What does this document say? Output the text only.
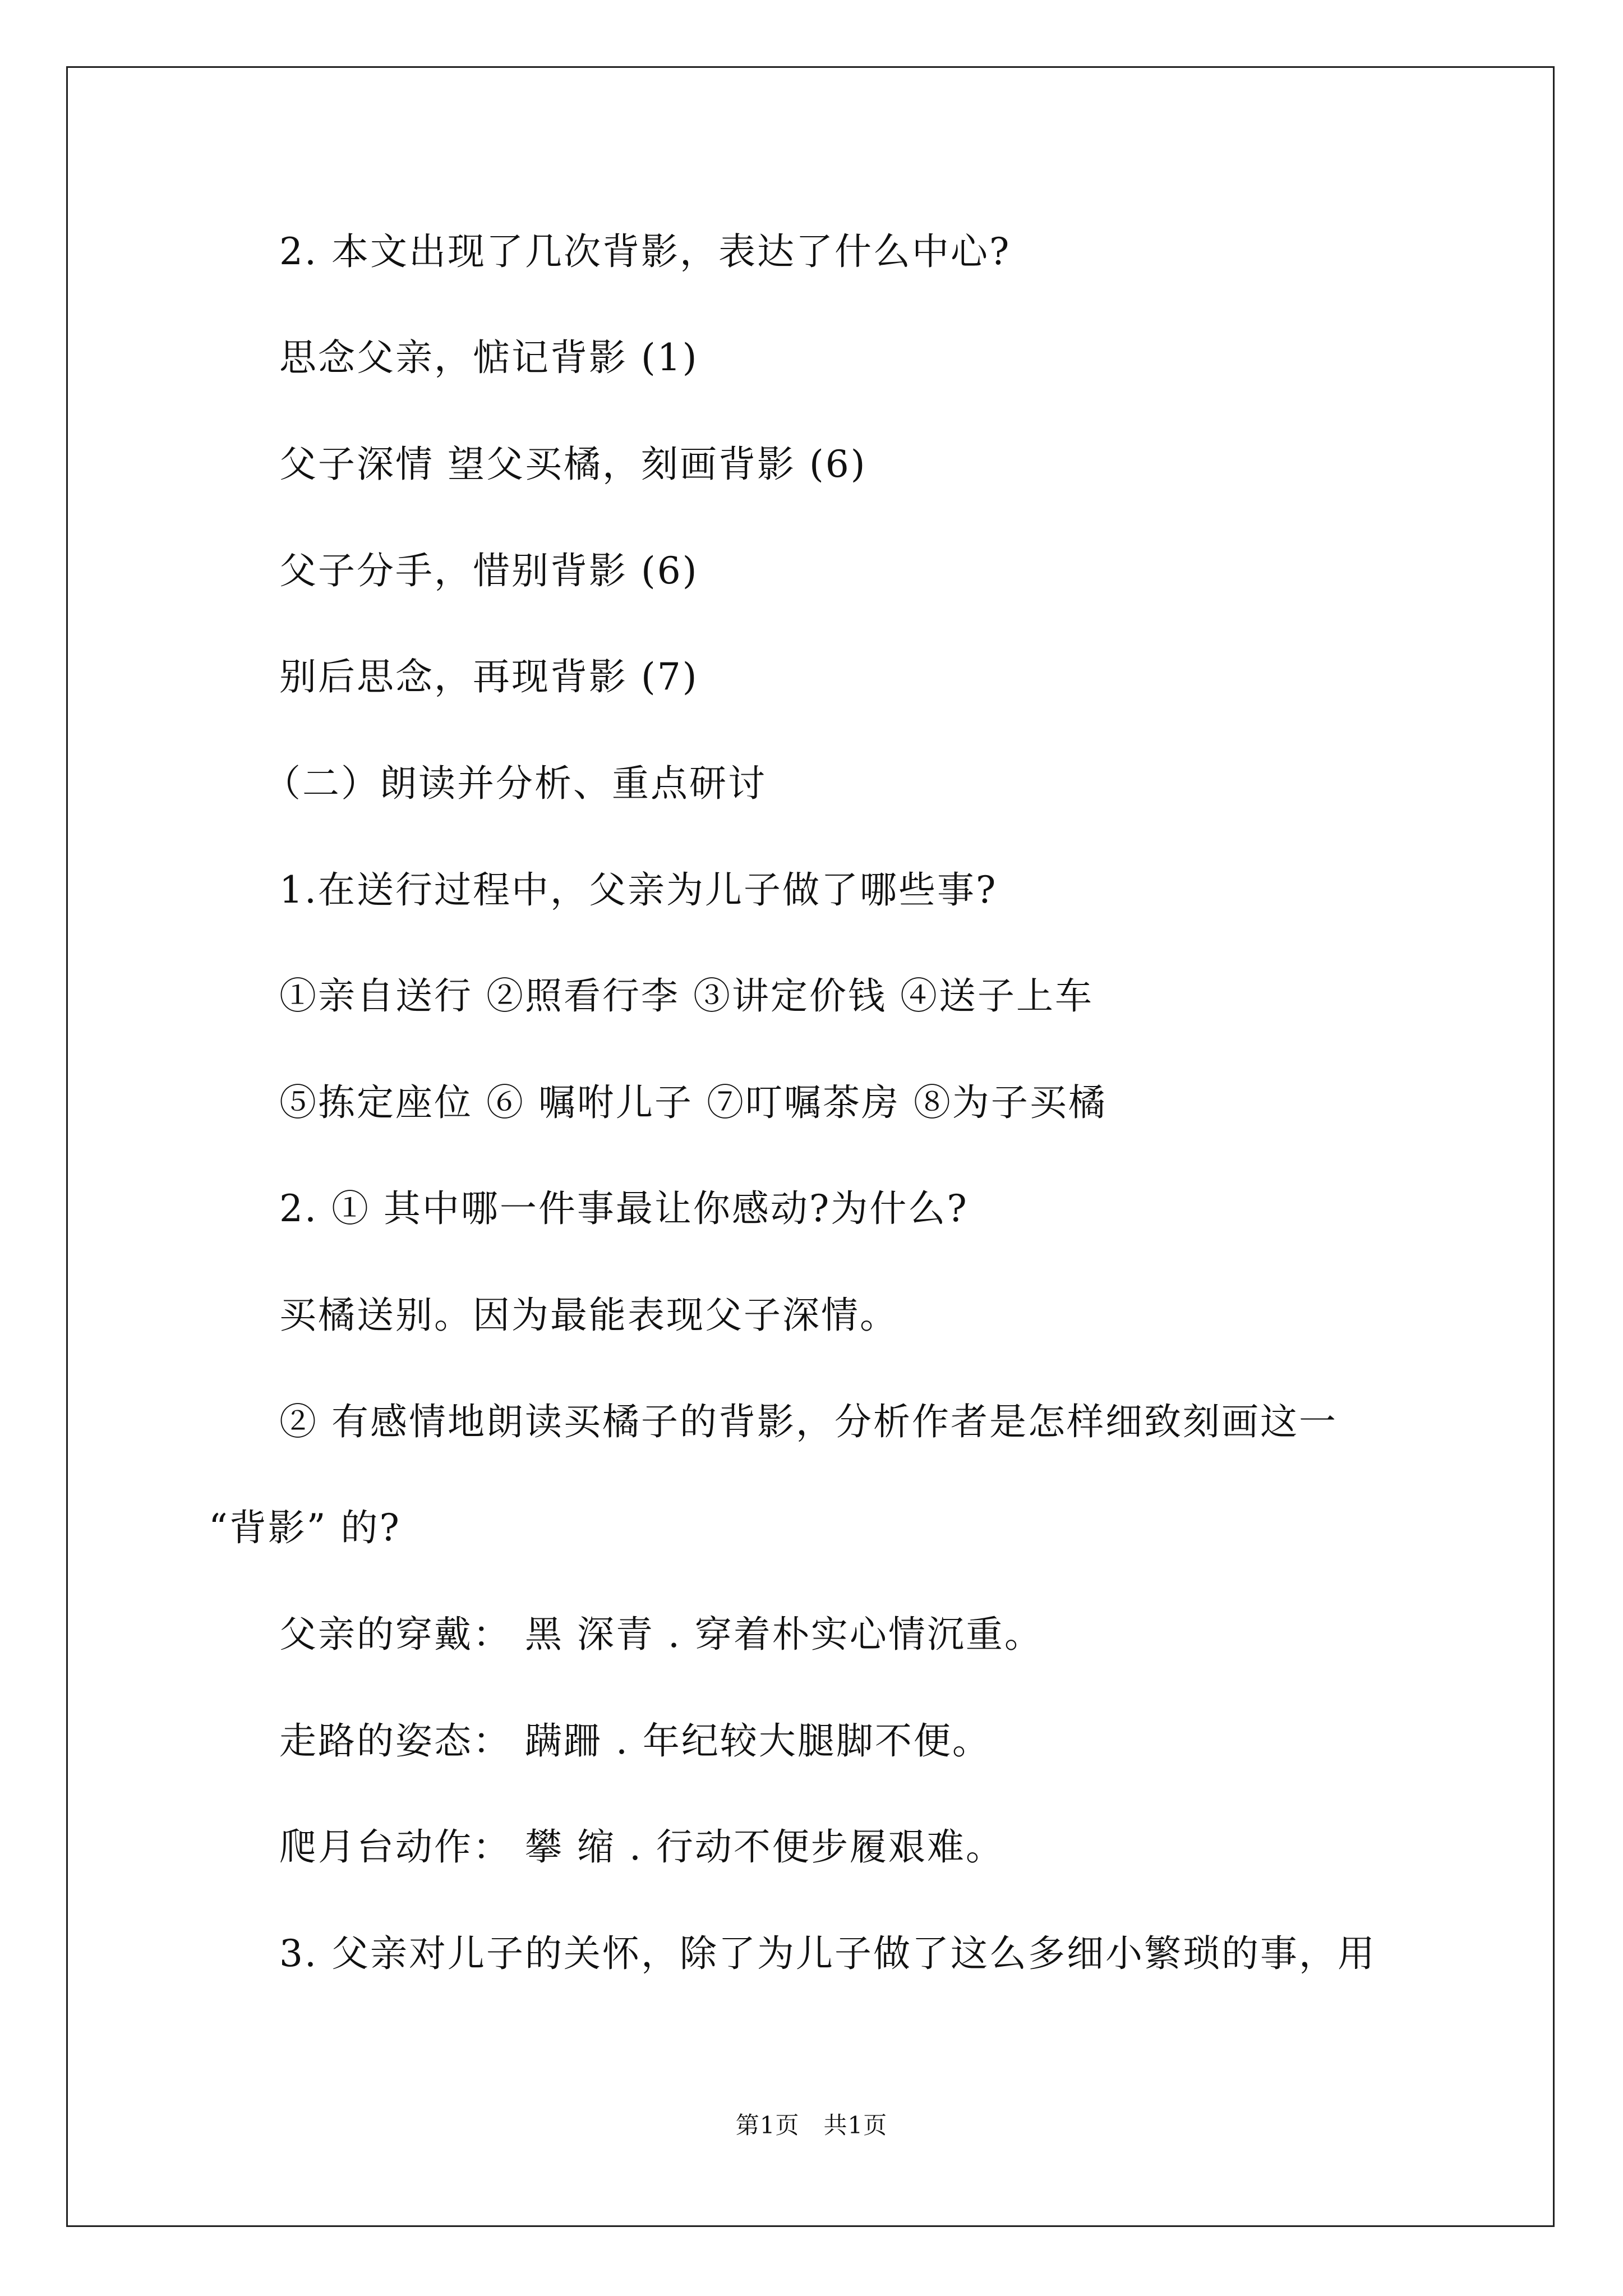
2. 本文出现了几次背影，表达了什么中心?
思念父亲，惦记背影 (1)
父子深情 望父买橘，刻画背影 (6)
父子分手，惜别背影 (6)
别后思念，再现背影 (7)
（二）朗读并分析、重点研讨
1.在送行过程中，父亲为儿子做了哪些事?
①亲自送行 ②照看行李 ③讲定价钱 ④送子上车
⑤拣定座位 ⑥ 嘱咐儿子 ⑦叮嘱茶房 ⑧为子买橘
2. ① 其中哪一件事最让你感动?为什么?
买橘送别。因为最能表现父子深情。
② 有感情地朗读买橘子的背影，分析作者是怎样细致刻画这一
“背影” 的?
父亲的穿戴： 黑 深青 . 穿着朴实心情沉重。
走路的姿态： 蹒跚 . 年纪较大腿脚不便。
爬月台动作： 攀 缩 . 行动不便步履艰难。
3. 父亲对儿子的关怀，除了为儿子做了这么多细小繁琐的事，用
第1页　共1页
